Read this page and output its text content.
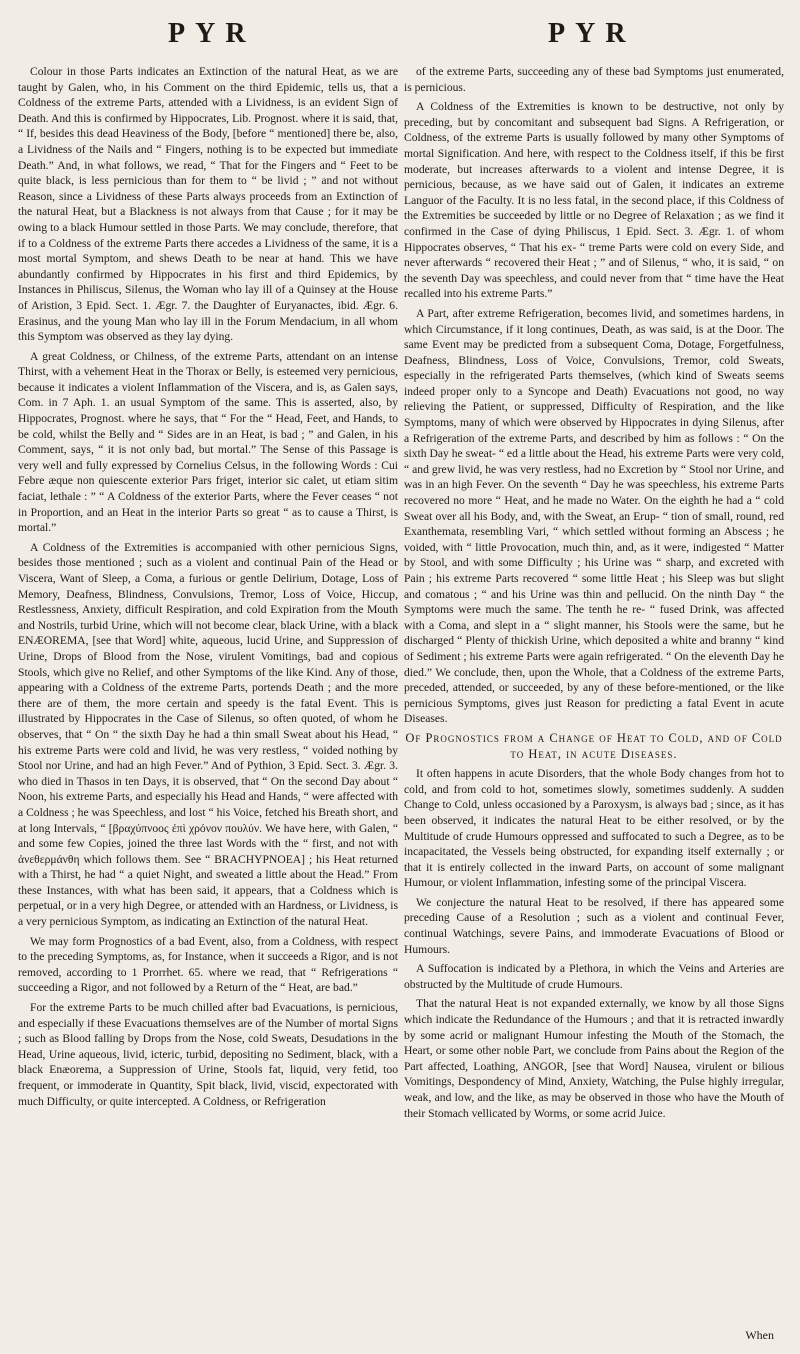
PYR	PYR

Colour in those Parts indicates an Extinction of the natural Heat, as we are taught by Galen, who, in his Comment on the third Epidemic, tells us, that a Coldness of the extreme Parts, attended with a Lividness, is an evident Sign of Death. And this is confirmed by Hippocrates, Lib. Prognost. where it is said, that, “ If, besides this dead Heaviness of the Body, [before “ mentioned] there be, also, a Lividness of the Nails and “ Fingers, nothing is to be expected but immediate Death.” And, in what follows, we read, “ That for the Fingers and “ Feet to be quite black, is less pernicious than for them to “ be livid ; ” and not without Reason, since a Lividness of these Parts always proceeds from an Extinction of the natural Heat, but a Blackness is not always from that Cause ; for it may be owing to a black Humour settled in those Parts. We may conclude, therefore, that if to a Coldness of the extreme Parts there accedes a Lividness of the same, it is a most mortal Symptom, and shews Death to be near at hand. This we have abundantly confirmed by Hippocrates in his first and third Epidemics, by Instances in Philiscus, Silenus, the Woman who lay ill of a Quinsey at the House of Aristion, 3 Epid. Sect. 1. Ægr. 7. the Daughter of Euryanactes, ibid. Ægr. 6. Erasinus, and the young Man who lay ill in the Forum Mendacium, in all whom this Symptom was observed as they lay dying.

A great Coldness, or Chilness, of the extreme Parts, attendant on an intense Thirst, with a vehement Heat in the Thorax or Belly, is esteemed very pernicious, because it indicates a violent Inflammation of the Viscera, and is, as Galen says, Com. in 7 Aph. 1. an usual Symptom of the same. This is asserted, also, by Hippocrates, Prognost. where he says, that “ For the “ Head, Feet, and Hands, to be cold, whilst the Belly and “ Sides are in an Heat, is bad ; ” and Galen, in his Comment, says, “ it is not only bad, but mortal.” The Sense of this Passage is very well and fully expressed by Cornelius Celsus, in the following Words : Cui Febre æque non quiescente exterior Pars friget, interior sic calet, ut etiam sitim faciat, lethale : ” “ A Coldness of the exterior Parts, where the Fever ceases “ not in Proportion, and an Heat in the interior Parts so great “ as to cause a Thirst, is mortal.”

A Coldness of the Extremities is accompanied with other pernicious Signs, besides those mentioned ; such as a violent and continual Pain of the Head or Viscera, Want of Sleep, a Coma, a furious or gentle Delirium, Dotage, Loss of Memory, Deafness, Blindness, Convulsions, Tremor, Loss of Voice, Hiccup, Restlessness, Anxiety, difficult Respiration, and cold Expiration from the Mouth and Nostrils, turbid Urine, which will not become clear, black Urine, with a black ENÆOREMA, [see that Word] white, aqueous, lucid Urine, and Suppression of Urine, Drops of Blood from the Nose, virulent Vomitings, bad and copious Stools, which give no Relief, and other Symptoms of the like Kind. Any of those, appearing with a Coldness of the extreme Parts, portends Death ; and the more there are of them, the more certain and speedy is the fatal Event. This is illustrated by Hippocrates in the Case of Silenus, so often quoted, of whom he observes, that “ On “ the sixth Day he had a thin small Sweat about his Head, “ his extreme Parts were cold and livid, he was very restless, “ voided nothing by Stool nor Urine, and had an high Fever.” And of Pythion, 3 Epid. Sect. 3. Ægr. 3. who died in Thasos in ten Days, it is observed, that “ On the second Day about “ Noon, his extreme Parts, and especially his Head and Hands, “ were affected with a Coldness ; he was Speechless, and lost “ his Voice, fetched his Breath short, and at long Intervals, “ [βραχύπνοος ἐπὶ χρόνον πουλύν. We have here, with Galen, “ and some few Copies, joined the three last Words with the “ first, and not with ἀνεθερμάνθη which follows them. See “ BRACHYPNOEA] ; his Heat returned with a Thirst, he had “ a quiet Night, and sweated a little about the Head.” From these Instances, with what has been said, it appears, that a Coldness which is perpetual, or in a very high Degree, or attended with an Hardness, or Lividness, is a very pernicious Symptom, as indicating an Extinction of the natural Heat.

We may form Prognostics of a bad Event, also, from a Coldness, with respect to the preceding Symptoms, as, for Instance, when it succeeds a Rigor, and is not removed, according to 1 Prorrhet. 65. where we read, that “ Refrigerations “ succeeding a Rigor, and not followed by a Return of the “ Heat, are bad.”

For the extreme Parts to be much chilled after bad Evacuations, is pernicious, and especially if these Evacuations themselves are of the Number of mortal Signs ; such as Blood falling by Drops from the Nose, cold Sweats, Desudations in the Head, Urine aqueous, livid, icteric, turbid, depositing no Sediment, black, with a black Enæorema, a Suppression of Urine, Stools fat, liquid, very fetid, too frequent, or immoderate in Quantity, Spit black, livid, viscid, expectorated with much Difficulty, or quite intercepted. A Coldness, or Refrigeration

of the extreme Parts, succeeding any of these bad Symptoms just enumerated, is pernicious.

A Coldness of the Extremities is known to be destructive, not only by preceding, but by concomitant and subsequent bad Signs. A Refrigeration, or Coldness, of the extreme Parts is usually followed by many other Symptoms of mortal Signification. And here, with respect to the Coldness itself, if this be first moderate, but increases afterwards to a violent and intense Degree, it is pernicious, because, as we have said out of Galen, it indicates an extreme Languor of the Faculty. It is no less fatal, in the second place, if this Coldness of the Extremities be succeeded by little or no Degree of Relaxation ; as we find it confirmed in the Case of dying Philiscus, 1 Epid. Sect. 3. Ægr. 1. of whom Hippocrates observes, “ That his ex- “ treme Parts were cold on every Side, and never afterwards “ recovered their Heat ; ” and of Silenus, “ who, it is said, “ on the seventh Day was speechless, and could never from that “ time have the Heat recalled into his extreme Parts.”

A Part, after extreme Refrigeration, becomes livid, and sometimes hardens, in which Circumstance, if it long continues, Death, as was said, is at the Door. The same Event may be predicted from a subsequent Coma, Dotage, Forgetfulness, Deafness, Blindness, Loss of Voice, Convulsions, Tremor, cold Sweats, especially in the refrigerated Parts themselves, (which kind of Sweats seems indeed proper only to a Syncope and Death) Evacuations not good, no way relieving the Patient, or suppressed, Difficulty of Respiration, and the like Symptoms, many of which were observed by Hippocrates in dying Silenus, after a Refrigeration of the extreme Parts, and described by him as follows : “ On the sixth Day he sweat- “ ed a little about the Head, his extreme Parts were very cold, “ and grew livid, he was very restless, had no Excretion by “ Stool nor Urine, and was in an high Fever. On the seventh “ Day he was speechless, his extreme Parts recovered no more “ Heat, and he made no Water. On the eighth he had a “ cold Sweat over all his Body, and, with the Sweat, an Erup- “ tion of small, round, red Exanthemata, resembling Vari, “ which settled without forming an Abscess ; he voided, with “ little Provocation, much thin, and, as it were, indigested “ Matter by Stool, and with some Difficulty ; his Urine was “ sharp, and excreted with Pain ; his extreme Parts recovered “ some little Heat ; his Sleep was but slight and comatous ; “ and his Urine was thin and pellucid. On the ninth Day “ the Symptoms were much the same. The tenth he re- “ fused Drink, was affected with a Coma, and slept in a “ slight manner, his Stools were the same, but he discharged “ Plenty of thickish Urine, which deposited a white and branny “ kind of Sediment ; his extreme Parts were again refrigerated. “ On the eleventh Day he died.” We conclude, then, upon the Whole, that a Coldness of the extreme Parts, preceded, attended, or succeeded, by any of these before-mentioned, or the like pernicious Symptoms, gives just Reason for predicting a fatal Event in acute Diseases.

Of Prognostics from a Change of Heat to Cold, and of Cold to Heat, in acute Diseases.

It often happens in acute Disorders, that the whole Body changes from hot to cold, and from cold to hot, sometimes slowly, sometimes suddenly. A sudden Change to Cold, unless occasioned by a Paroxysm, is always bad ; since, as it has been observed, it indicates the natural Heat to be either resolved, or by the Multitude of crude Humours oppressed and suffocated to such a Degree, as to be incapacitated, the Vessels being obstructed, for expanding itself externally ; or that it is entirely collected in the inward Parts, on account of some malignant Humour, or violent Inflammation, infesting some of the principal Viscera.

We conjecture the natural Heat to be resolved, if there has appeared some preceding Cause of a Resolution ; such as a violent and continual Fever, continual Watchings, severe Pains, and immoderate Evacuations of Blood or Humours.

A Suffocation is indicated by a Plethora, in which the Veins and Arteries are obstructed by the Multitude of crude Humours.

That the natural Heat is not expanded externally, we know by all those Signs which indicate the Redundance of the Humours ; and that it is retracted inwardly by some acrid or malignant Humour infesting the Mouth of the Stomach, the Heart, or some other noble Part, we conclude from Pains about the Region of the Part affected, Loathing, ANGOR, [see that Word] Nausea, virulent or bilious Vomitings, Despondency of Mind, Anxiety, Watching, the Pulse highly irregular, weak, and low, and the like, as may be observed in those who have the Mouth of their Stomach vellicated by Worms, or some acrid Juice.

When
